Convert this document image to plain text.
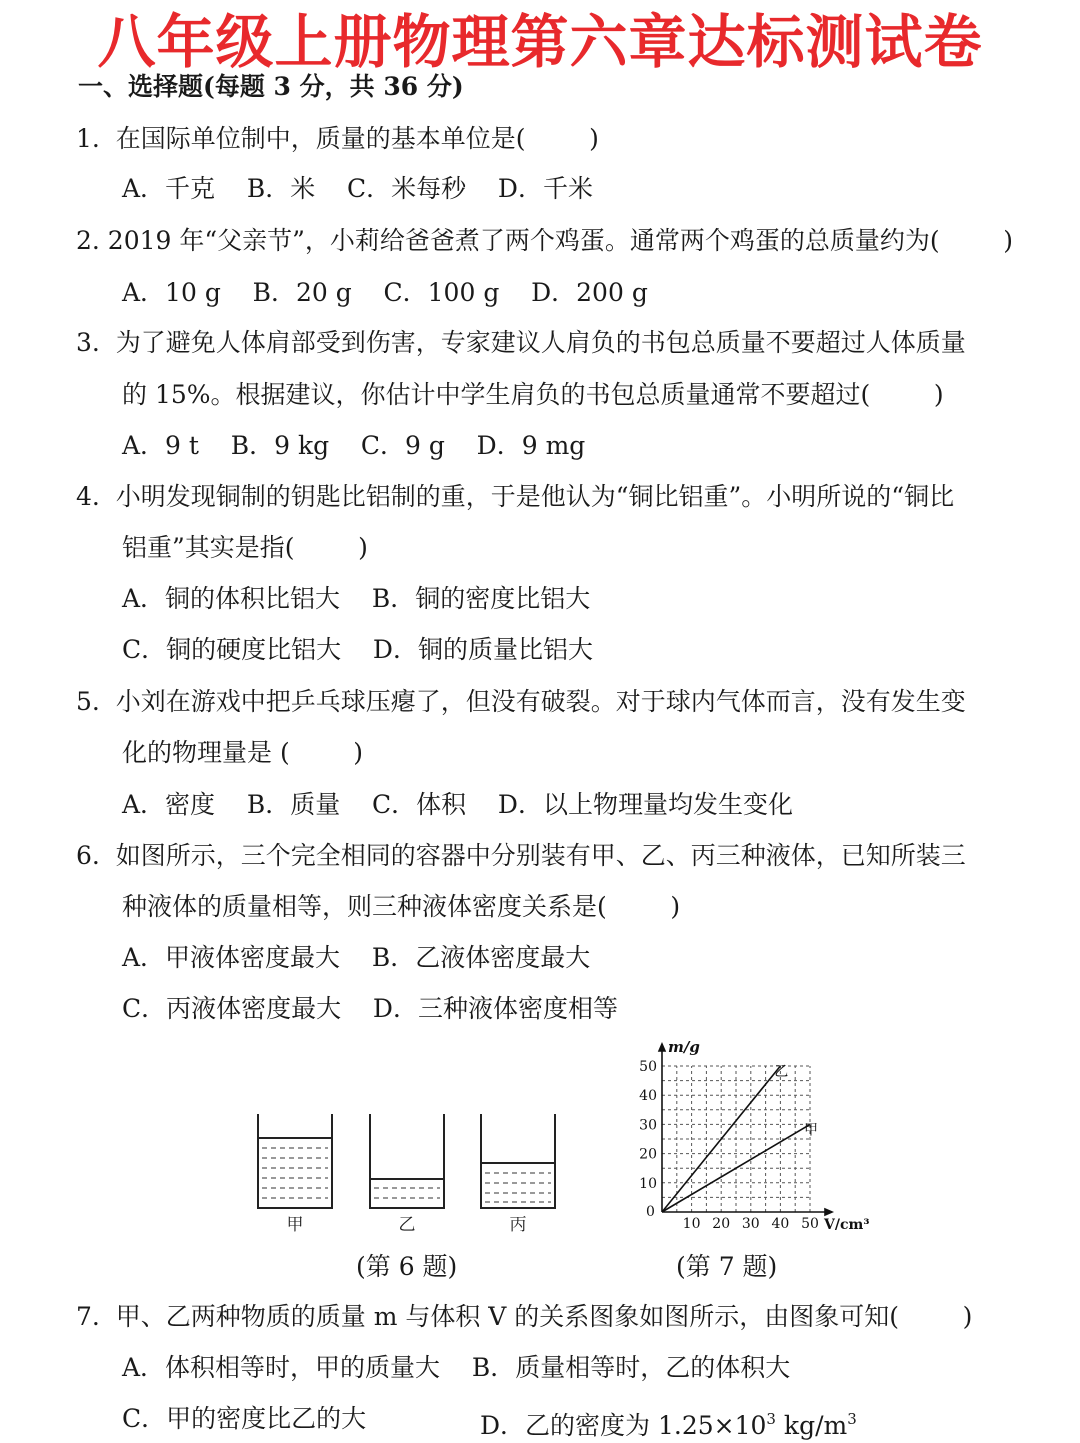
八年级上册物理第六章达标测试卷
一、选择题(每题 3 分，共 36 分)
1.  在国际单位制中，质量的基本单位是(        )
A．千克    B．米    C．米每秒    D．千米
2. 2019 年“父亲节”，小莉给爸爸煮了两个鸡蛋。通常两个鸡蛋的总质量约为(        )
A．10 g    B．20 g    C．100 g    D．200 g
3.  为了避免人体肩部受到伤害，专家建议人肩负的书包总质量不要超过人体质量
的 15%。根据建议，你估计中学生肩负的书包总质量通常不要超过(        )
A．9 t    B．9 kg    C．9 g    D．9 mg
4.  小明发现铜制的钥匙比铝制的重，于是他认为“铜比铝重”。小明所说的“铜比
铝重”其实是指(        )
A．铜的体积比铝大    B．铜的密度比铝大
C．铜的硬度比铝大    D．铜的质量比铝大
5.  小刘在游戏中把乒乓球压瘪了，但没有破裂。对于球内气体而言，没有发生变
化的物理量是 (        )
A．密度    B．质量    C．体积    D．以上物理量均发生变化
6.  如图所示，三个完全相同的容器中分别装有甲、乙、丙三种液体，已知所装三
种液体的质量相等，则三种液体密度关系是(        )
A．甲液体密度最大    B．乙液体密度最大
C．丙液体密度最大    D．三种液体密度相等
甲	乙	丙	10 20 30 40 50
10
20
30
40
50	乙
甲
m/g
V/cm³
0
(第 6 题)	(第 7 题)
7.  甲、乙两种物质的质量 m 与体积 V 的关系图象如图所示，由图象可知(        )
A．体积相等时，甲的质量大    B．质量相等时，乙的体积大
C．甲的密度比乙的大	D．乙的密度为 $1.25\times 10^3$ $kg/m^3$
